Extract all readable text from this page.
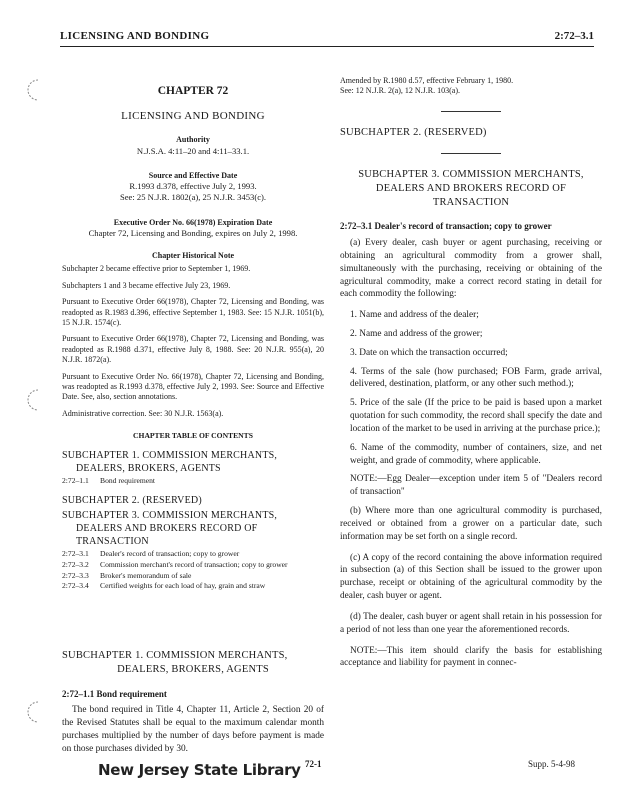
LICENSING AND BONDING	2:72–3.1
CHAPTER 72
LICENSING AND BONDING
Authority
N.J.S.A. 4:11–20 and 4:11–33.1.
Source and Effective Date
R.1993 d.378, effective July 2, 1993.
See: 25 N.J.R. 1802(a), 25 N.J.R. 3453(c).
Executive Order No. 66(1978) Expiration Date
Chapter 72, Licensing and Bonding, expires on July 2, 1998.
Chapter Historical Note
Subchapter 2 became effective prior to September 1, 1969.
Subchapters 1 and 3 became effective July 23, 1969.
Pursuant to Executive Order 66(1978), Chapter 72, Licensing and Bonding, was readopted as R.1983 d.396, effective September 1, 1983. See: 15 N.J.R. 1051(b), 15 N.J.R. 1574(c).
Pursuant to Executive Order 66(1978), Chapter 72, Licensing and Bonding, was readopted as R.1988 d.371, effective July 8, 1988. See: 20 N.J.R. 955(a), 20 N.J.R. 1872(a).
Pursuant to Executive Order No. 66(1978), Chapter 72, Licensing and Bonding, was readopted as R.1993 d.378, effective July 2, 1993. See: Source and Effective Date. See, also, section annotations.
Administrative correction. See: 30 N.J.R. 1563(a).
CHAPTER TABLE OF CONTENTS
SUBCHAPTER 1. COMMISSION MERCHANTS,
DEALERS, BROKERS, AGENTS
2:72–1.1	Bond requirement
SUBCHAPTER 2. (RESERVED)
SUBCHAPTER 3. COMMISSION MERCHANTS,
DEALERS AND BROKERS RECORD OF
TRANSACTION
2:72–3.1	Dealer's record of transaction; copy to grower
2:72–3.2	Commission merchant's record of transaction; copy to grower
2:72–3.3	Broker's memorandum of sale
2:72–3.4	Certified weights for each load of hay, grain and straw
SUBCHAPTER 1. COMMISSION MERCHANTS,
DEALERS, BROKERS, AGENTS
2:72–1.1 Bond requirement
The bond required in Title 4, Chapter 11, Article 2, Section 20 of the Revised Statutes shall be equal to the maximum calendar month purchases multiplied by the number of days before payment is made on those purchases divided by 30.
Amended by R.1980 d.57, effective February 1, 1980.
See: 12 N.J.R. 2(a), 12 N.J.R. 103(a).
SUBCHAPTER 2. (RESERVED)
SUBCHAPTER 3. COMMISSION MERCHANTS,
DEALERS AND BROKERS RECORD OF
TRANSACTION
2:72–3.1 Dealer's record of transaction; copy to grower

(a) Every dealer, cash buyer or agent purchasing, receiving or obtaining an agricultural commodity from a grower shall, simultaneously with the purchasing, receiving or obtaining of the agricultural commodity, make a correct record stating in detail for each commodity the following:

1. Name and address of the dealer;
2. Name and address of the grower;
3. Date on which the transaction occurred;
4. Terms of the sale (how purchased; FOB Farm, grade arrival, delivered, destination, platform, or any other such method.);
5. Price of the sale (If the price to be paid is based upon a market quotation for such commodity, the record shall specify the date and location of the market to be used in arriving at the purchase price.);
6. Name of the commodity, number of containers, size, and net weight, and grade of commodity, where applicable.
NOTE:—Egg Dealer—exception under item 5 of "Dealers record of transaction"

(b) Where more than one agricultural commodity is purchased, received or obtained from a grower on a particular date, such information may be set forth on a single record.

(c) A copy of the record containing the above information required in subsection (a) of this Section shall be issued to the grower upon purchase, receipt or obtaining of the agricultural commodity by the dealer, cash buyer or agent.

(d) The dealer, cash buyer or agent shall retain in his possession for a period of not less than one year the aforementioned records.

NOTE:—This item should clarify the basis for establishing acceptance and liability for payment in connec-

New Jersey State Library 72-1	Supp. 5-4-98
